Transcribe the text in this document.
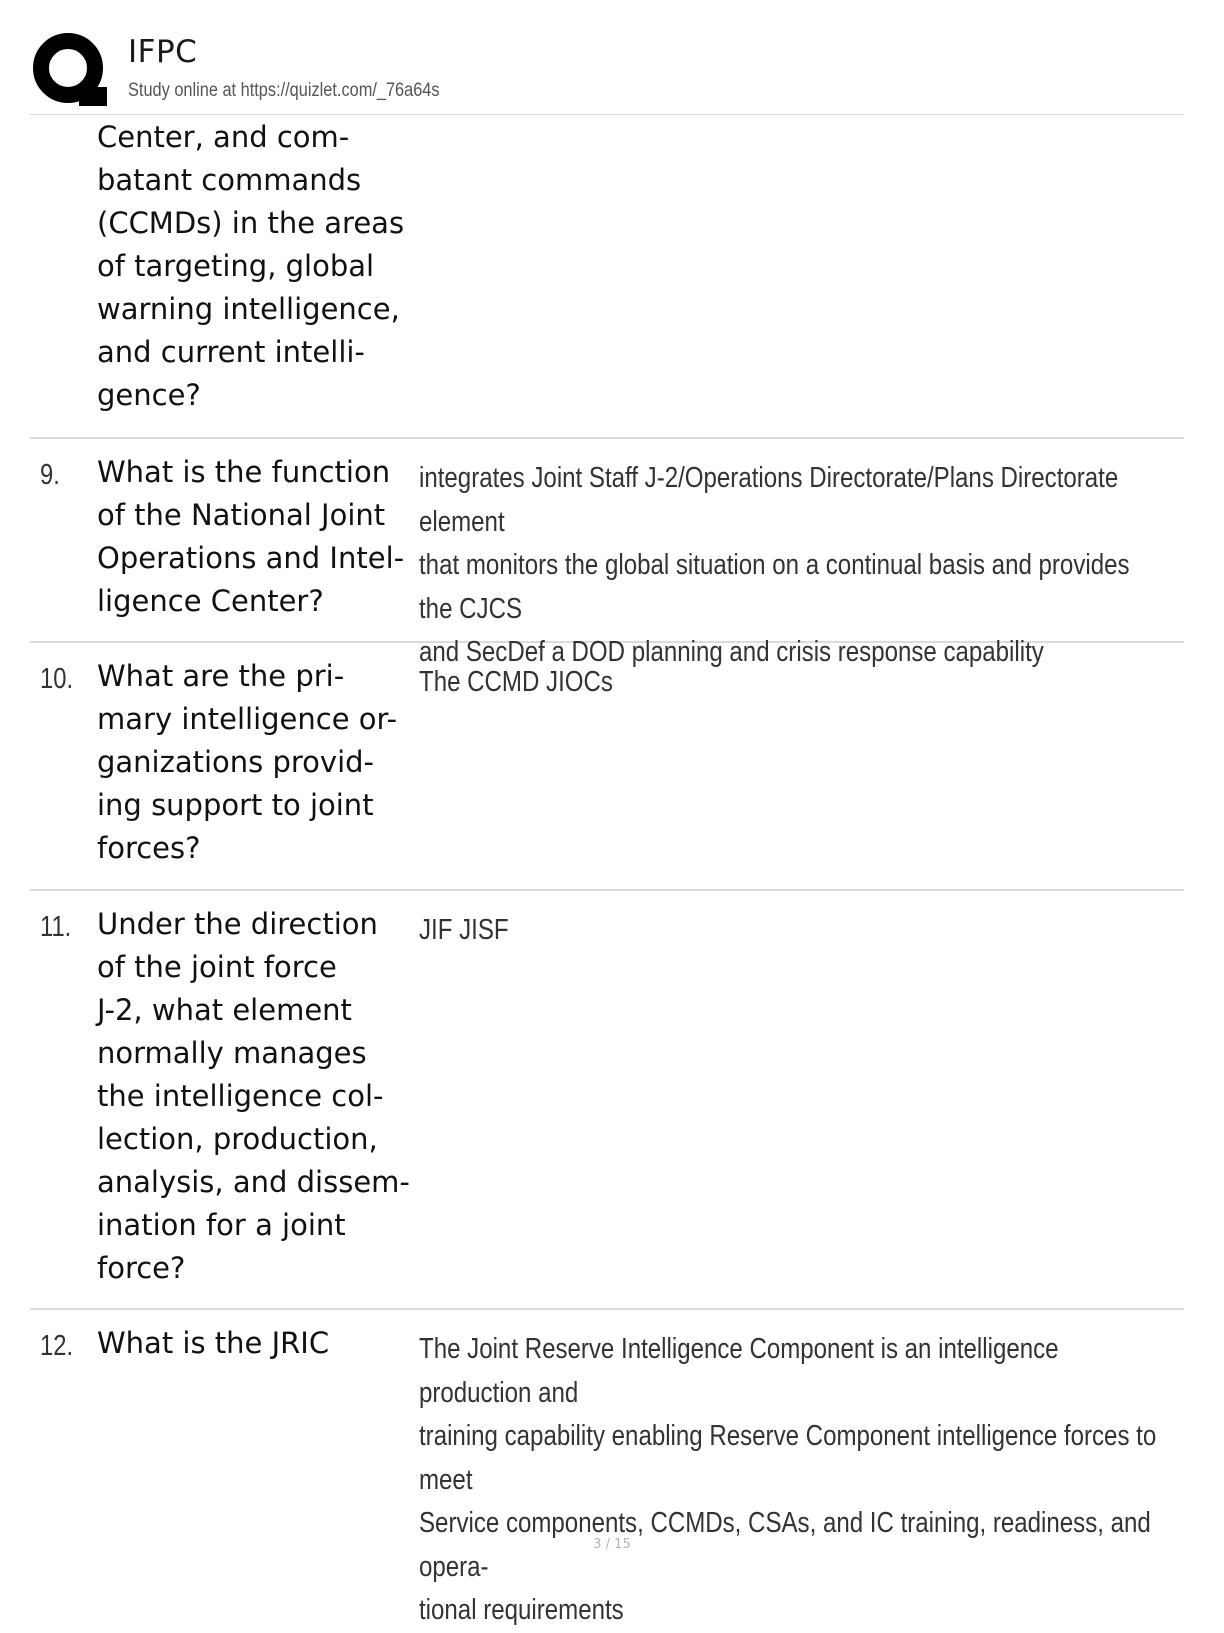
IFPC
Study online at https://quizlet.com/_76a64s
Center, and com-
batant commands
(CCMDs) in the areas
of targeting, global
warning intelligence,
and current intelli-
gence?
9. What is the function
of the National Joint
Operations and Intel-
ligence Center?
integrates Joint Staff J-2/Operations Directorate/Plans Directorate element
that monitors the global situation on a continual basis and provides the CJCS
and SecDef a DOD planning and crisis response capability
10. What are the pri-
mary intelligence or-
ganizations provid-
ing support to joint
forces?
The CCMD JIOCs
11. Under the direction
of the joint force
J-2, what element
normally manages
the intelligence col-
lection, production,
analysis, and dissem-
ination for a joint
force?
JIF JISF
12. What is the JRIC	The Joint Reserve Intelligence Component is an intelligence production and
training capability enabling Reserve Component intelligence forces to meet
Service components, CCMDs, CSAs, and IC training, readiness, and opera-
tional requirements
3 / 15
